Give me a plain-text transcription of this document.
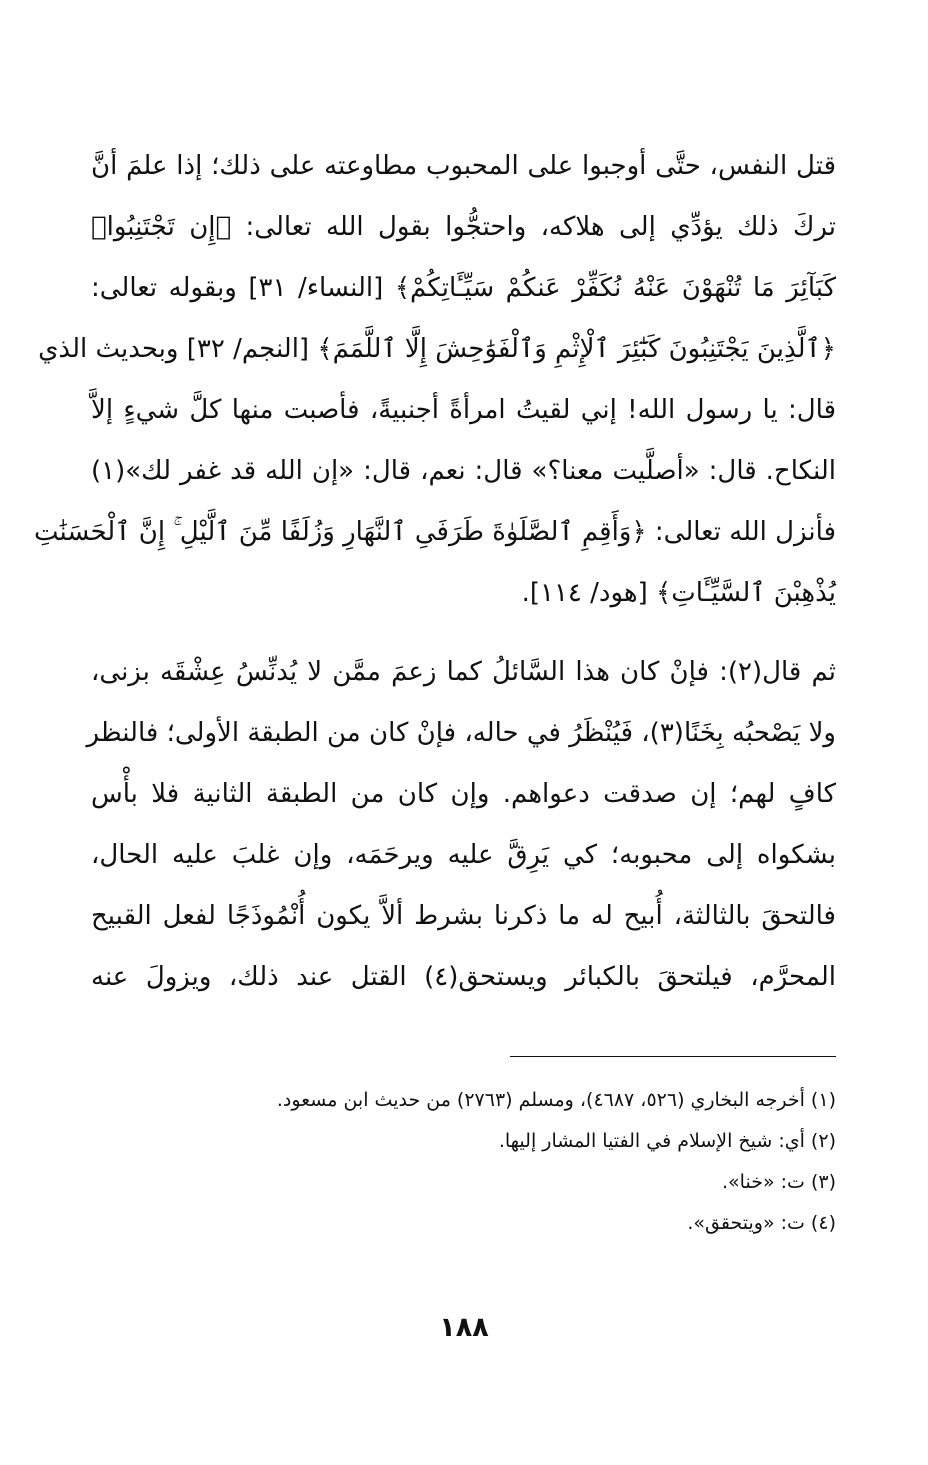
قتل النفس، حتَّى أوجبوا على المحبوب مطاوعته على ذلك؛ إذا علمَ أنَّ
تركَ ذلك يؤدِّي إلى هلاكه، واحتجُّوا بقول الله تعالى: ﴿إِن تَجْتَنِبُوا۟
كَبَآئِرَ مَا تُنْهَوْنَ عَنْهُ نُكَفِّرْ عَنكُمْ سَيِّـَٔاتِكُمْ﴾ [النساء/ ٣١] وبقوله تعالى:
﴿ٱلَّذِينَ يَجْتَنِبُونَ كَبَٰٓئِرَ ٱلْإِثْمِ وَٱلْفَوَٰحِشَ إِلَّا ٱللَّمَمَ﴾ [النجم/ ٣٢] وبحديث الذي
قال: يا رسول الله! إني لقيتُ امرأةً أجنبيةً، فأصبت منها كلَّ شيءٍ إلاَّ
النكاح. قال: «أصلَّيت معنا؟» قال: نعم، قال: «إن الله قد غفر لك»(١)
فأنزل الله تعالى: ﴿وَأَقِمِ ٱلصَّلَوٰةَ طَرَفَىِ ٱلنَّهَارِ وَزُلَفًا مِّنَ ٱلَّيْلِ ۚ إِنَّ ٱلْحَسَنَٰتِ
يُذْهِبْنَ ٱلسَّيِّـَٔاتِ﴾ [هود/ ١١٤].
ثم قال(٢): فإنْ كان هذا السَّائلُ كما زعمَ ممَّن لا يُدنِّسُ عِشْقَه بزنى،
ولا يَصْحبُه بِخَنًا(٣)، فَيُنْظَرُ في حاله، فإنْ كان من الطبقة الأولى؛ فالنظر
كافٍ لهم؛ إن صدقت دعواهم. وإن كان من الطبقة الثانية فلا بأْس
بشكواه إلى محبوبه؛ كي يَرِقَّ عليه ويرحَمَه، وإن غلبَ عليه الحال،
فالتحقَ بالثالثة، أُبيح له ما ذكرنا بشرط ألاَّ يكون أُنْمُوذَجًا لفعل القبيح
المحرَّم، فيلتحقَ بالكبائر ويستحق(٤) القتل عند ذلك، ويزولَ عنه
(١) أخرجه البخاري (٥٢٦، ٤٦٨٧)، ومسلم (٢٧٦٣) من حديث ابن مسعود.
(٢) أي: شيخ الإسلام في الفتيا المشار إليها.
(٣) ت: «خنا».
(٤) ت: «ويتحقق».
١٨٨
